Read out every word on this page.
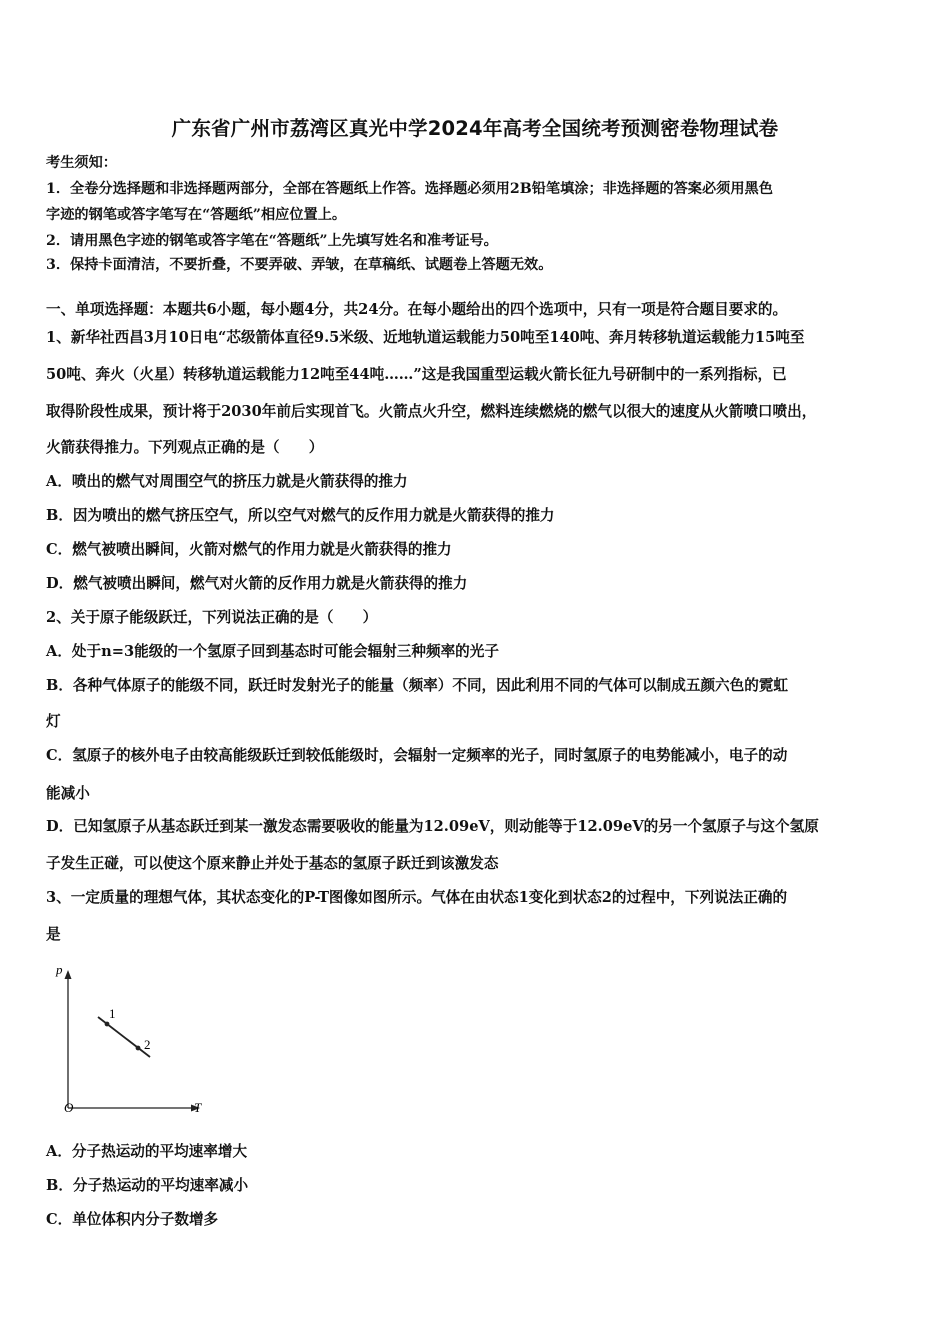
广东省广州市荔湾区真光中学2024年高考全国统考预测密卷物理试卷
考生须知：
1．全卷分选择题和非选择题两部分，全部在答题纸上作答。选择题必须用2B铅笔填涂；非选择题的答案必须用黑色
字迹的钢笔或答字笔写在“答题纸”相应位置上。
2．请用黑色字迹的钢笔或答字笔在“答题纸”上先填写姓名和准考证号。
3．保持卡面清洁，不要折叠，不要弄破、弄皱，在草稿纸、试题卷上答题无效。
一、单项选择题：本题共6小题，每小题4分，共24分。在每小题给出的四个选项中，只有一项是符合题目要求的。
1、新华社西昌3月10日电“芯级箭体直径9.5米级、近地轨道运载能力50吨至140吨、奔月转移轨道运载能力15吨至
50吨、奔火（火星）转移轨道运载能力12吨至44吨……”这是我国重型运载火箭长征九号研制中的一系列指标，已
取得阶段性成果，预计将于2030年前后实现首飞。火箭点火升空，燃料连续燃烧的燃气以很大的速度从火箭喷口喷出，
火箭获得推力。下列观点正确的是（　　）
A．喷出的燃气对周围空气的挤压力就是火箭获得的推力
B．因为喷出的燃气挤压空气，所以空气对燃气的反作用力就是火箭获得的推力
C．燃气被喷出瞬间，火箭对燃气的作用力就是火箭获得的推力
D．燃气被喷出瞬间，燃气对火箭的反作用力就是火箭获得的推力
2、关于原子能级跃迁，下列说法正确的是（　　）
A．处于n=3能级的一个氢原子回到基态时可能会辐射三种频率的光子
B．各种气体原子的能级不同，跃迁时发射光子的能量（频率）不同，因此利用不同的气体可以制成五颜六色的霓虹
灯
C．氢原子的核外电子由较高能级跃迁到较低能级时，会辐射一定频率的光子，同时氢原子的电势能减小，电子的动
能减小
D．已知氢原子从基态跃迁到某一激发态需要吸收的能量为12.09eV，则动能等于12.09eV的另一个氢原子与这个氢原
子发生正碰，可以使这个原来静止并处于基态的氢原子跃迁到该激发态
3、一定质量的理想气体，其状态变化的P-T图像如图所示。气体在由状态1变化到状态2的过程中，下列说法正确的
是
p
T
O
1
2
A．分子热运动的平均速率增大
B．分子热运动的平均速率减小
C．单位体积内分子数增多
